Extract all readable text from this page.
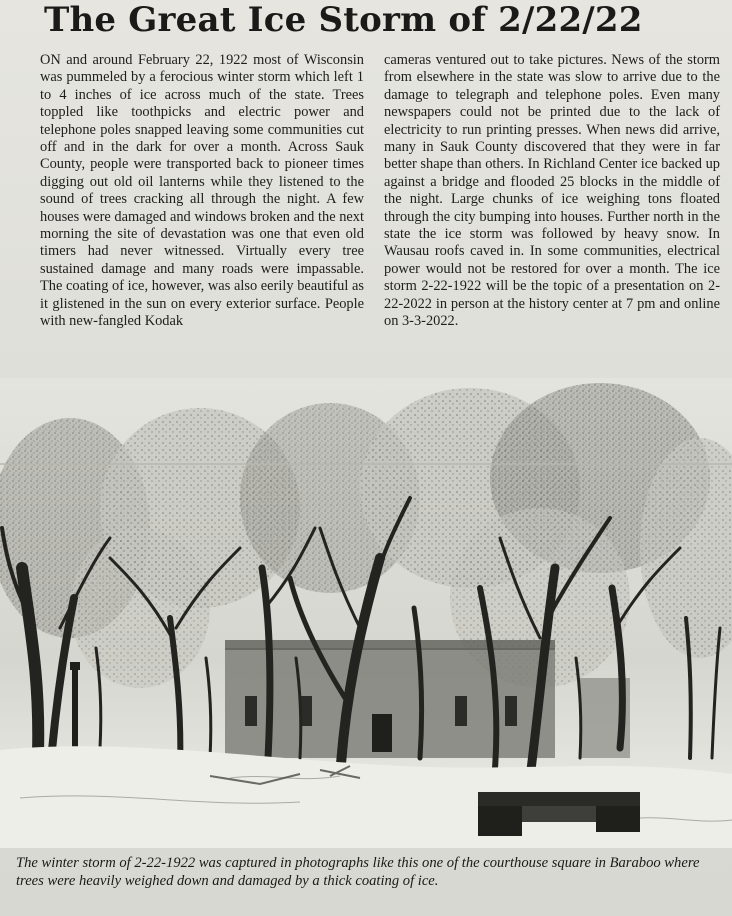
The Great Ice Storm of 2/22/22

ON and around February 22, 1922 most of Wisconsin was pummeled by a ferocious winter storm which left 1 to 4 inches of ice across much of the state. Trees toppled like toothpicks and electric power and telephone poles snapped leaving some communities cut off and in the dark for over a month. Across Sauk County, people were transported back to pioneer times digging out old oil lanterns while they listened to the sound of trees cracking all through the night. A few houses were damaged and windows broken and the next morning the site of devastation was one that even old timers had never witnessed. Virtually every tree sustained damage and many roads were impassable. The coating of ice, however, was also eerily beautiful as it glistened in the sun on every exterior surface. People with new-fangled Kodak

cameras ventured out to take pictures. News of the storm from elsewhere in the state was slow to arrive due to the damage to telegraph and telephone poles. Even many newspapers could not be printed due to the lack of electricity to run printing presses. When news did arrive, many in Sauk County discovered that they were in far better shape than others. In Richland Center ice backed up against a bridge and flooded 25 blocks in the middle of the night. Large chunks of ice weighing tons floated through the city bumping into houses. Further north in the state the ice storm was followed by heavy snow. In Wausau roofs caved in. In some communities, electrical power would not be restored for over a month. The ice storm 2-22-1922 will be the topic of a presentation on 2-22-2022 in person at the history center at 7 pm and online on 3-3-2022.

The winter storm of 2-22-1922 was captured in photographs like this one of the courthouse square in Baraboo where trees were heavily weighed down and damaged by a thick coating of ice.
